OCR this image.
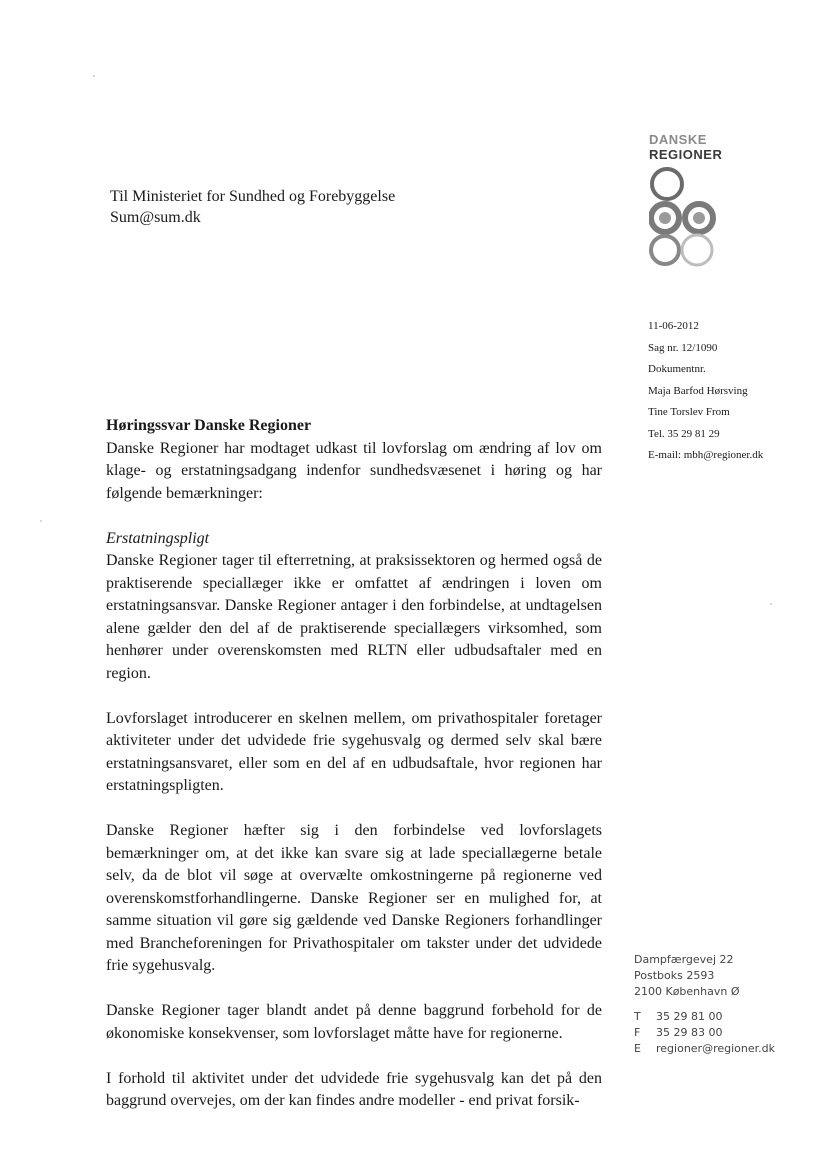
DANSKE
REGIONER
Til Ministeriet for Sundhed og Forebyggelse
Sum@sum.dk
11-06-2012
Sag nr. 12/1090
Dokumentnr.
Maja Barfod Hørsving
Tine Torslev From
Tel. 35 29 81 29
E-mail: mbh@regioner.dk

Høringssvar Danske Regioner

Danske Regioner har modtaget udkast til lovforslag om ændring af lov om klage- og erstatningsadgang indenfor sundhedsvæsenet i høring og har følgende bemærkninger:

Erstatningspligt

Danske Regioner tager til efterretning, at praksissektoren og hermed også de praktiserende speciallæger ikke er omfattet af ændringen i loven om erstatningsansvar. Danske Regioner antager i den forbindelse, at undtagelsen alene gælder den del af de praktiserende speciallægers virksomhed, som henhører under overenskomsten med RLTN eller udbudsaftaler med en region.

Lovforslaget introducerer en skelnen mellem, om privathospitaler foretager aktiviteter under det udvidede frie sygehusvalg og dermed selv skal bære erstatningsansvaret, eller som en del af en udbudsaftale, hvor regionen har erstatningspligten.

Danske Regioner hæfter sig i den forbindelse ved lovforslagets bemærkninger om, at det ikke kan svare sig at lade speciallægerne betale selv, da de blot vil søge at overvælte omkostningerne på regionerne ved overenskomstforhandlingerne. Danske Regioner ser en mulighed for, at samme situation vil gøre sig gældende ved Danske Regioners forhandlinger med Brancheforeningen for Privathospitaler om takster under det udvidede frie sygehusvalg.

Danske Regioner tager blandt andet på denne baggrund forbehold for de økonomiske konsekvenser, som lovforslaget måtte have for regionerne.

I forhold til aktivitet under det udvidede frie sygehusvalg kan det på den baggrund overvejes, om der kan findes andre modeller - end privat forsik-

Dampfærgevej 22
Postboks 2593
2100 København Ø
T	35 29 81 00
F	35 29 83 00
E	regioner@regioner.dk
